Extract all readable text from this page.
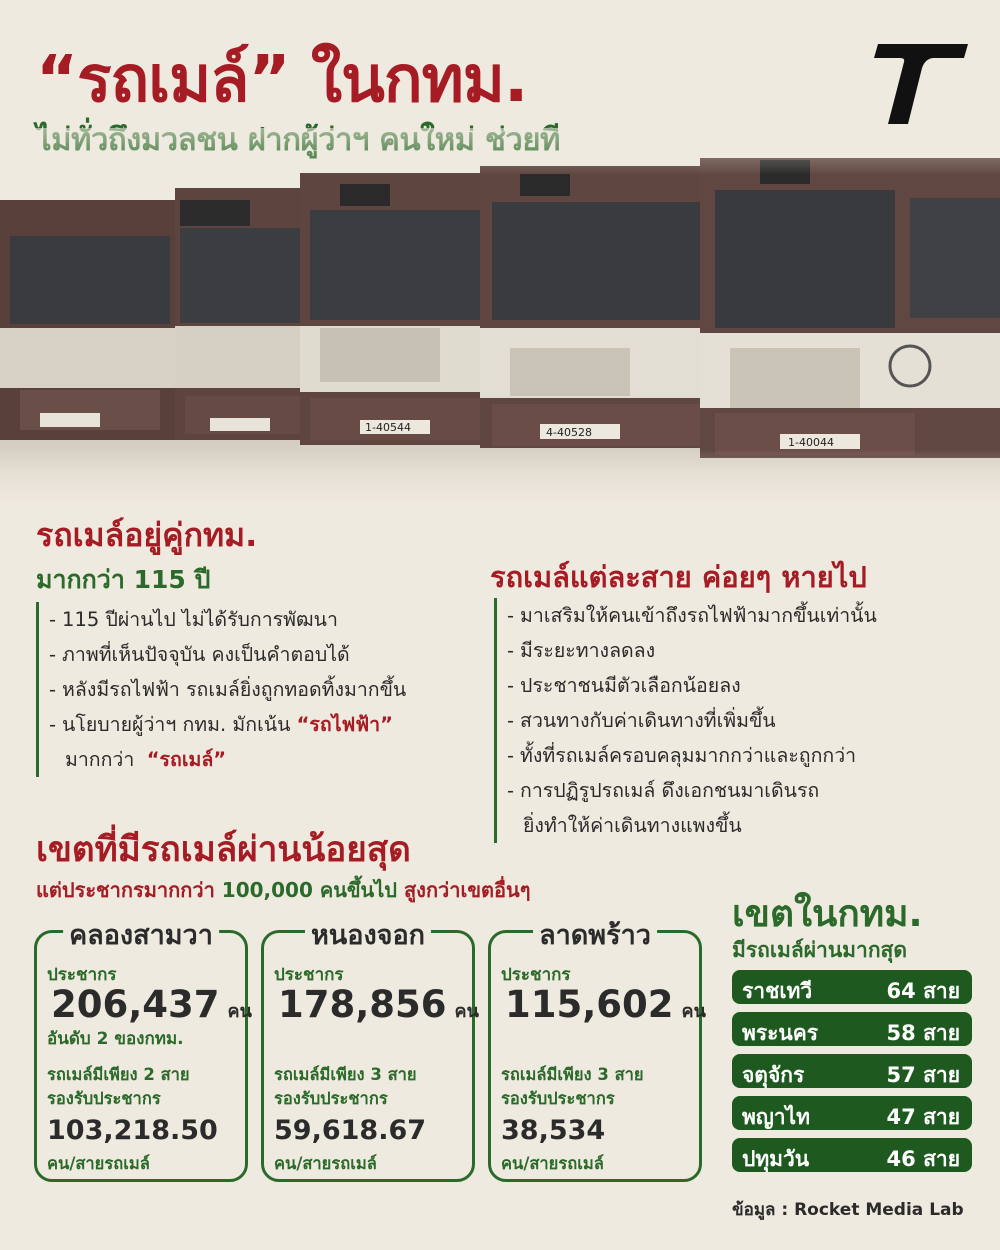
“รถเมล์” ในกทม.
รถเมล์อยู่คู่กทม.
มากกว่า 115 ปี
- 115 ปีผ่านไป ไม่ได้รับการพัฒนา
- ภาพที่เห็นปัจจุบัน คงเป็นคำตอบได้
- หลังมีรถไฟฟ้า รถเมล์ยิ่งถูกทอดทิ้งมากขึ้น
- นโยบายผู้ว่าฯ กทม. มักเน้น “รถไฟฟ้า”
มากกว่า “รถเมล์”
รถเมล์แต่ละสาย ค่อยๆ หายไป
- มาเสริมให้คนเข้าถึงรถไฟฟ้ามากขึ้นเท่านั้น
- มีระยะทางลดลง
- ประชาชนมีตัวเลือกน้อยลง
- สวนทางกับค่าเดินทางที่เพิ่มขึ้น
- ทั้งที่รถเมล์ครอบคลุมมากกว่าและถูกกว่า
- การปฏิรูปรถเมล์ ดึงเอกชนมาเดินรถ
ยิ่งทำให้ค่าเดินทางแพงขึ้น
เขตที่มีรถเมล์ผ่านน้อยสุด
แต่ประชากรมากกว่า 100,000 คนขึ้นไป สูงกว่าเขตอื่นๆ
คลองสามวา
ประชากร
206,437 คน
อันดับ 2 ของกทม.
รถเมล์มีเพียง 2 สาย
รองรับประชากร
103,218.50
คน/สายรถเมล์
หนองจอก
ประชากร
178,856 คน
รถเมล์มีเพียง 3 สาย
รองรับประชากร
59,618.67
คน/สายรถเมล์
ลาดพร้าว
ประชากร
115,602 คน
รถเมล์มีเพียง 3 สาย
รองรับประชากร
38,534
คน/สายรถเมล์
เขตในกทม.
มีรถเมล์ผ่านมากสุด
ราชเทวี	64 สาย
พระนคร	58 สาย
จตุจักร	57 สาย
พญาไท	47 สาย
ปทุมวัน	46 สาย
ข้อมูล : Rocket Media Lab
